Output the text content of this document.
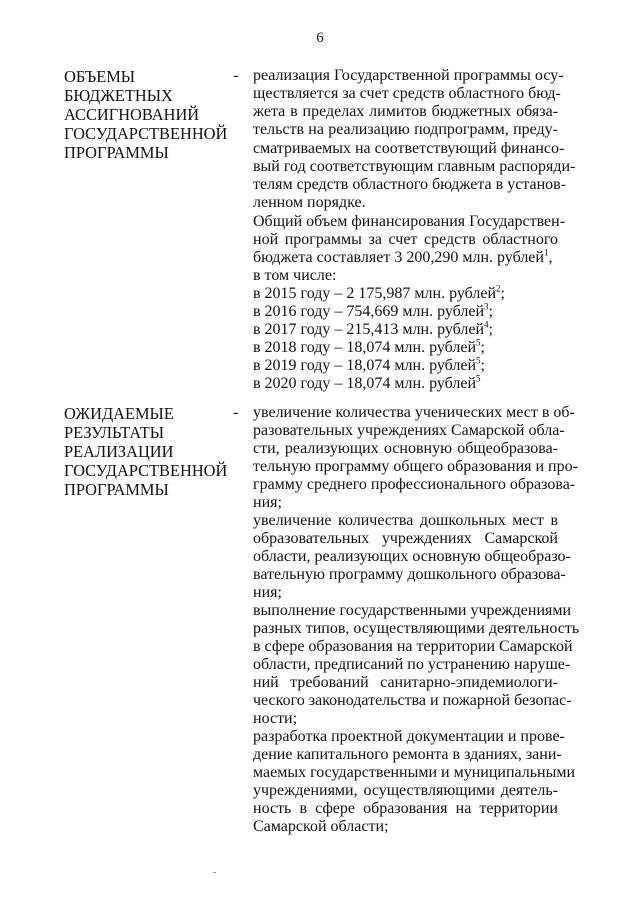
6
ОБЪЕМЫ
БЮДЖЕТНЫХ
АССИГНОВАНИЙ
ГОСУДАРСТВЕННОЙ
ПРОГРАММЫ
- реализация Государственной программы осу-
ществляется за счет средств областного бюд-
жета в пределах лимитов бюджетных обяза-
тельств на реализацию подпрограмм, преду-
сматриваемых на соответствующий финансо-
вый год соответствующим главным распоряди-
телям средств областного бюджета в установ-
ленном порядке.
Общий объем финансирования Государствен-
ной программы за счет средств областного
бюджета составляет 3 200,290 млн. рублей$^1$,
в том числе:
в 2015 году – 2 175,987 млн. рублей$^2$;
в 2016 году – 754,669 млн. рублей$^3$;
в 2017 году – 215,413 млн. рублей$^4$;
в 2018 году – 18,074 млн. рублей$^5$;
в 2019 году – 18,074 млн. рублей$^5$;
в 2020 году – 18,074 млн. рублей$^5$
ОЖИДАЕМЫЕ
РЕЗУЛЬТАТЫ
РЕАЛИЗАЦИИ
ГОСУДАРСТВЕННОЙ
ПРОГРАММЫ
- увеличение количества ученических мест в об-
разовательных учреждениях Самарской обла-
сти, реализующих основную общеобразова-
тельную программу общего образования и про-
грамму среднего профессионального образова-
ния;
увеличение количества дошкольных мест в
образовательных учреждениях Самарской
области, реализующих основную общеобразо-
вательную программу дошкольного образова-
ния;
выполнение государственными учреждениями
разных типов, осуществляющими деятельность
в сфере образования на территории Самарской
области, предписаний по устранению наруше-
ний требований санитарно-эпидемиологи-
ческого законодательства и пожарной безопас-
ности;
разработка проектной документации и прове-
дение капитального ремонта в зданиях, зани-
маемых государственными и муниципальными
учреждениями, осуществляющими деятель-
ность в сфере образования на территории
Самарской области;
